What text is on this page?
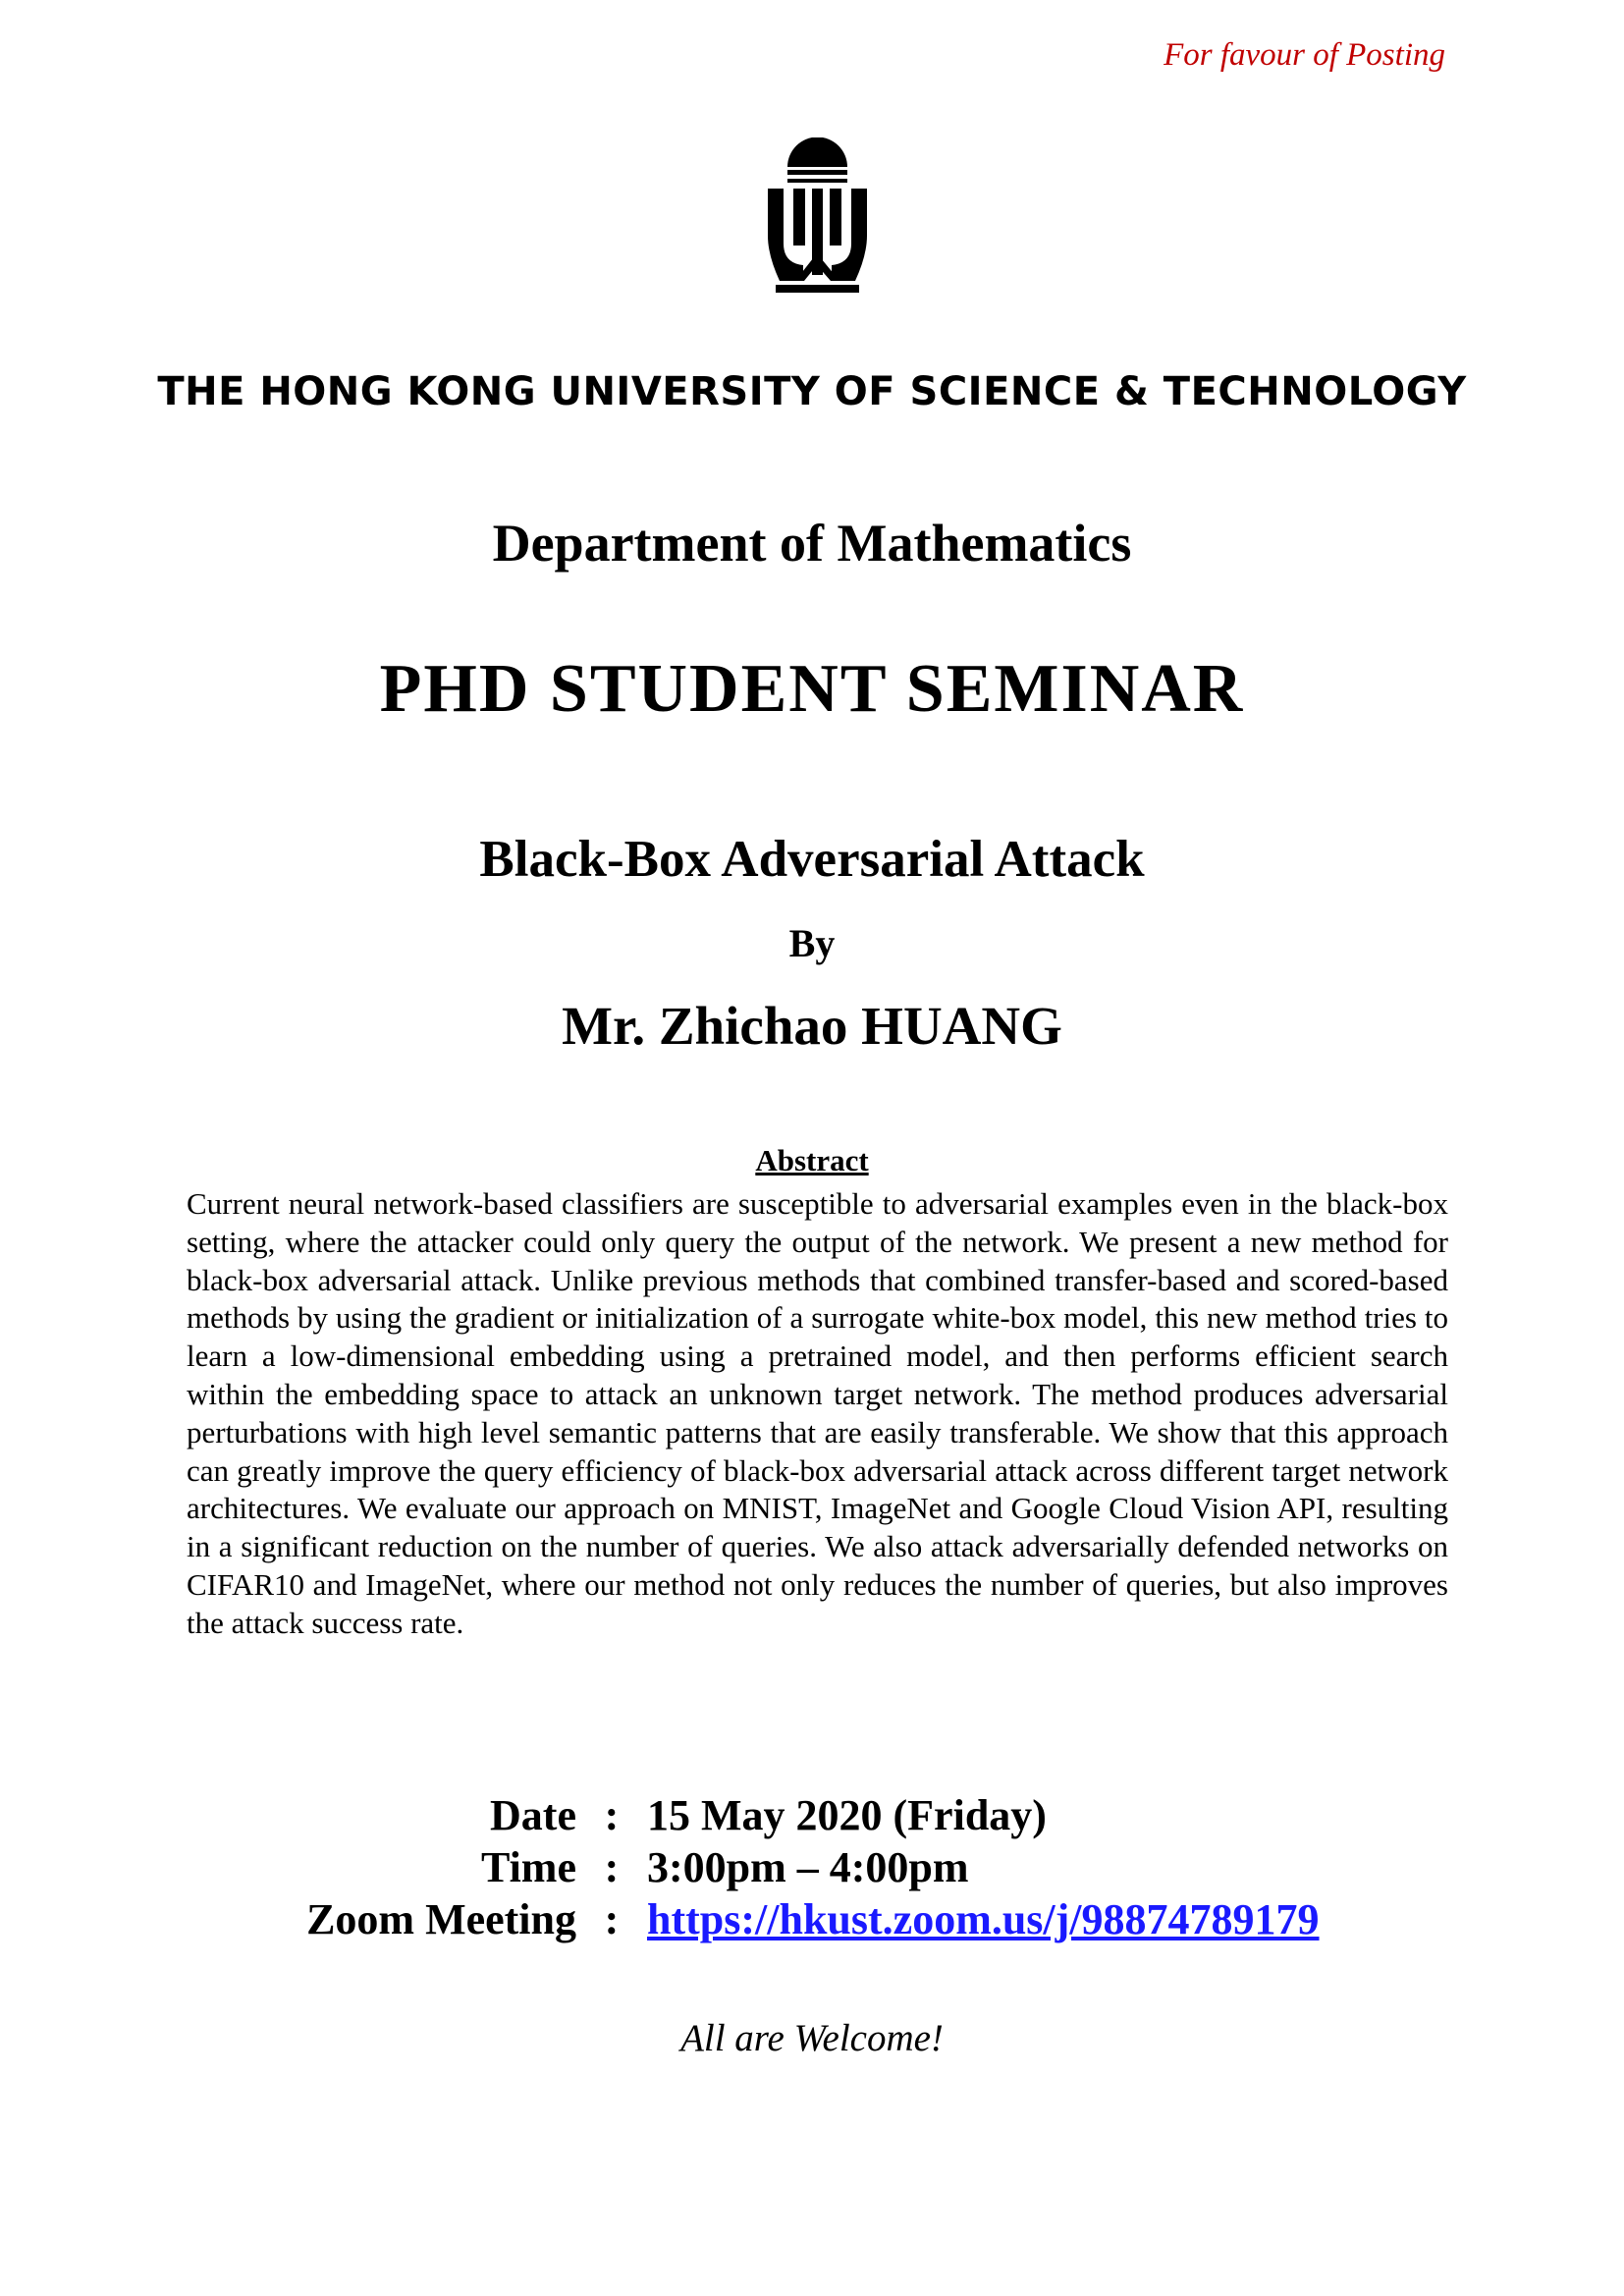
For favour of Posting
THE HONG KONG UNIVERSITY OF SCIENCE & TECHNOLOGY
Department of Mathematics
PHD STUDENT SEMINAR
Black-Box Adversarial Attack
By
Mr. Zhichao HUANG
Abstract
Current neural network-based classifiers are susceptible to adversarial examples even in the black-box setting, where the attacker could only query the output of the network. We present a new method for black-box adversarial attack. Unlike previous methods that combined transfer-based and scored-based methods by using the gradient or initialization of a surrogate white-box model, this new method tries to learn a low-dimensional embedding using a pretrained model, and then performs efficient search within the embedding space to attack an unknown target network. The method produces adversarial perturbations with high level semantic patterns that are easily transferable. We show that this approach can greatly improve the query efficiency of black-box adversarial attack across different target network architectures. We evaluate our approach on MNIST, ImageNet and Google Cloud Vision API, resulting in a significant reduction on the number of queries. We also attack adversarially defended networks on CIFAR10 and ImageNet, where our method not only reduces the number of queries, but also improves the attack success rate.
Date : 15 May 2020 (Friday)
Time : 3:00pm – 4:00pm
Zoom Meeting : https://hkust.zoom.us/j/98874789179
All are Welcome!
